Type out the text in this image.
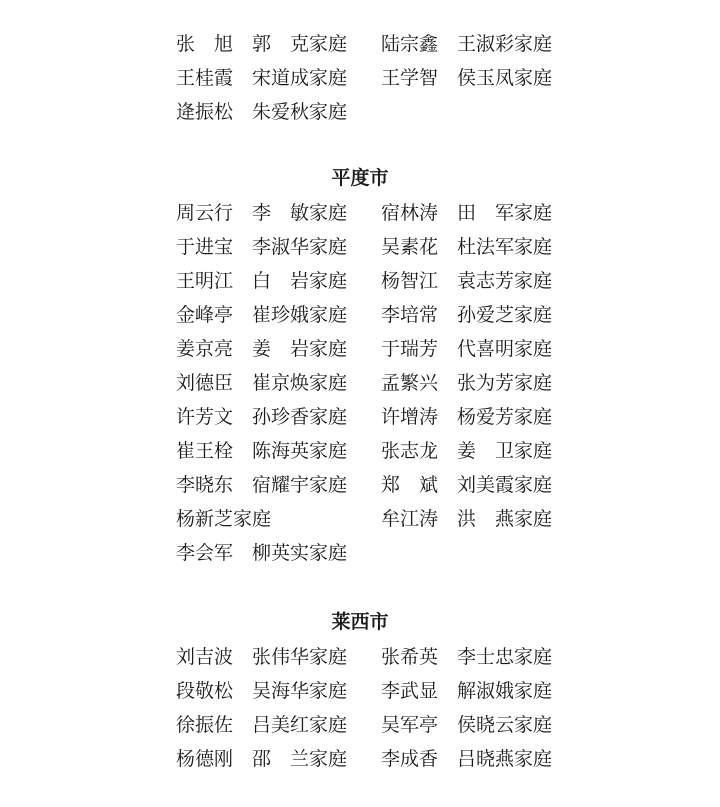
张　旭　郭　克家庭 陆宗鑫　王淑彩家庭
王桂霞　宋道成家庭 王学智　侯玉凤家庭
逄振松　朱爱秋家庭
平度市
周云行　李　敏家庭 宿林涛　田　军家庭
于进宝　李淑华家庭 吴素花　杜法军家庭
王明江　白　岩家庭 杨智江　袁志芳家庭
金峰亭　崔珍娥家庭 李培常　孙爱芝家庭
姜京亮　姜　岩家庭 于瑞芳　代喜明家庭
刘德臣　崔京焕家庭 孟繁兴　张为芳家庭
许芳文　孙珍香家庭 许增涛　杨爱芳家庭
崔王栓　陈海英家庭 张志龙　姜　卫家庭
李晓东　宿耀宇家庭 郑　斌　刘美霞家庭
杨新芝家庭	牟江涛　洪　燕家庭
李会军　柳英实家庭
莱西市
刘吉波　张伟华家庭 张希英　李士忠家庭
段敬松　吴海华家庭 李武显　解淑娥家庭
徐振佐　吕美红家庭 吴军亭　侯晓云家庭
杨德刚　邵　兰家庭 李成香　吕晓燕家庭
